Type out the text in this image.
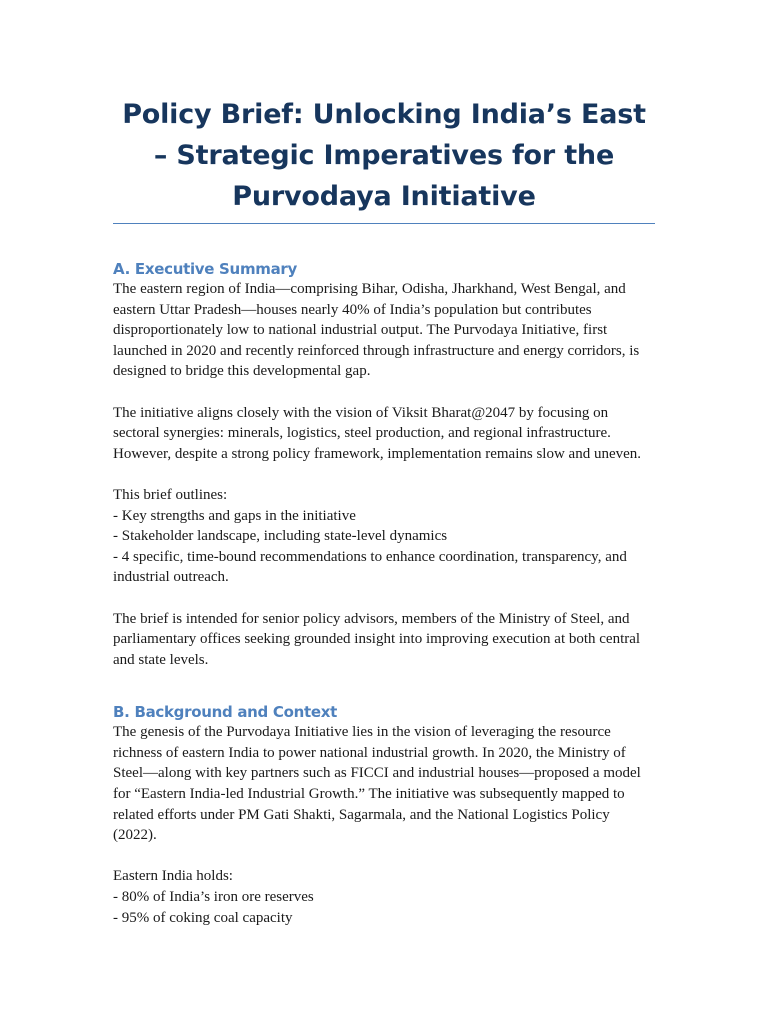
Policy Brief: Unlocking India’s East – Strategic Imperatives for the Purvodaya Initiative
A. Executive Summary

The eastern region of India—comprising Bihar, Odisha, Jharkhand, West Bengal, and eastern Uttar Pradesh—houses nearly 40% of India’s population but contributes disproportionately low to national industrial output. The Purvodaya Initiative, first launched in 2020 and recently reinforced through infrastructure and energy corridors, is designed to bridge this developmental gap.

The initiative aligns closely with the vision of Viksit Bharat@2047 by focusing on sectoral synergies: minerals, logistics, steel production, and regional infrastructure. However, despite a strong policy framework, implementation remains slow and uneven.

This brief outlines:
- Key strengths and gaps in the initiative
- Stakeholder landscape, including state-level dynamics
- 4 specific, time-bound recommendations to enhance coordination, transparency, and industrial outreach.

The brief is intended for senior policy advisors, members of the Ministry of Steel, and parliamentary offices seeking grounded insight into improving execution at both central and state levels.

B. Background and Context

The genesis of the Purvodaya Initiative lies in the vision of leveraging the resource richness of eastern India to power national industrial growth. In 2020, the Ministry of Steel—along with key partners such as FICCI and industrial houses—proposed a model for “Eastern India-led Industrial Growth.” The initiative was subsequently mapped to related efforts under PM Gati Shakti, Sagarmala, and the National Logistics Policy (2022).

Eastern India holds:
- 80% of India’s iron ore reserves
- 95% of coking coal capacity
